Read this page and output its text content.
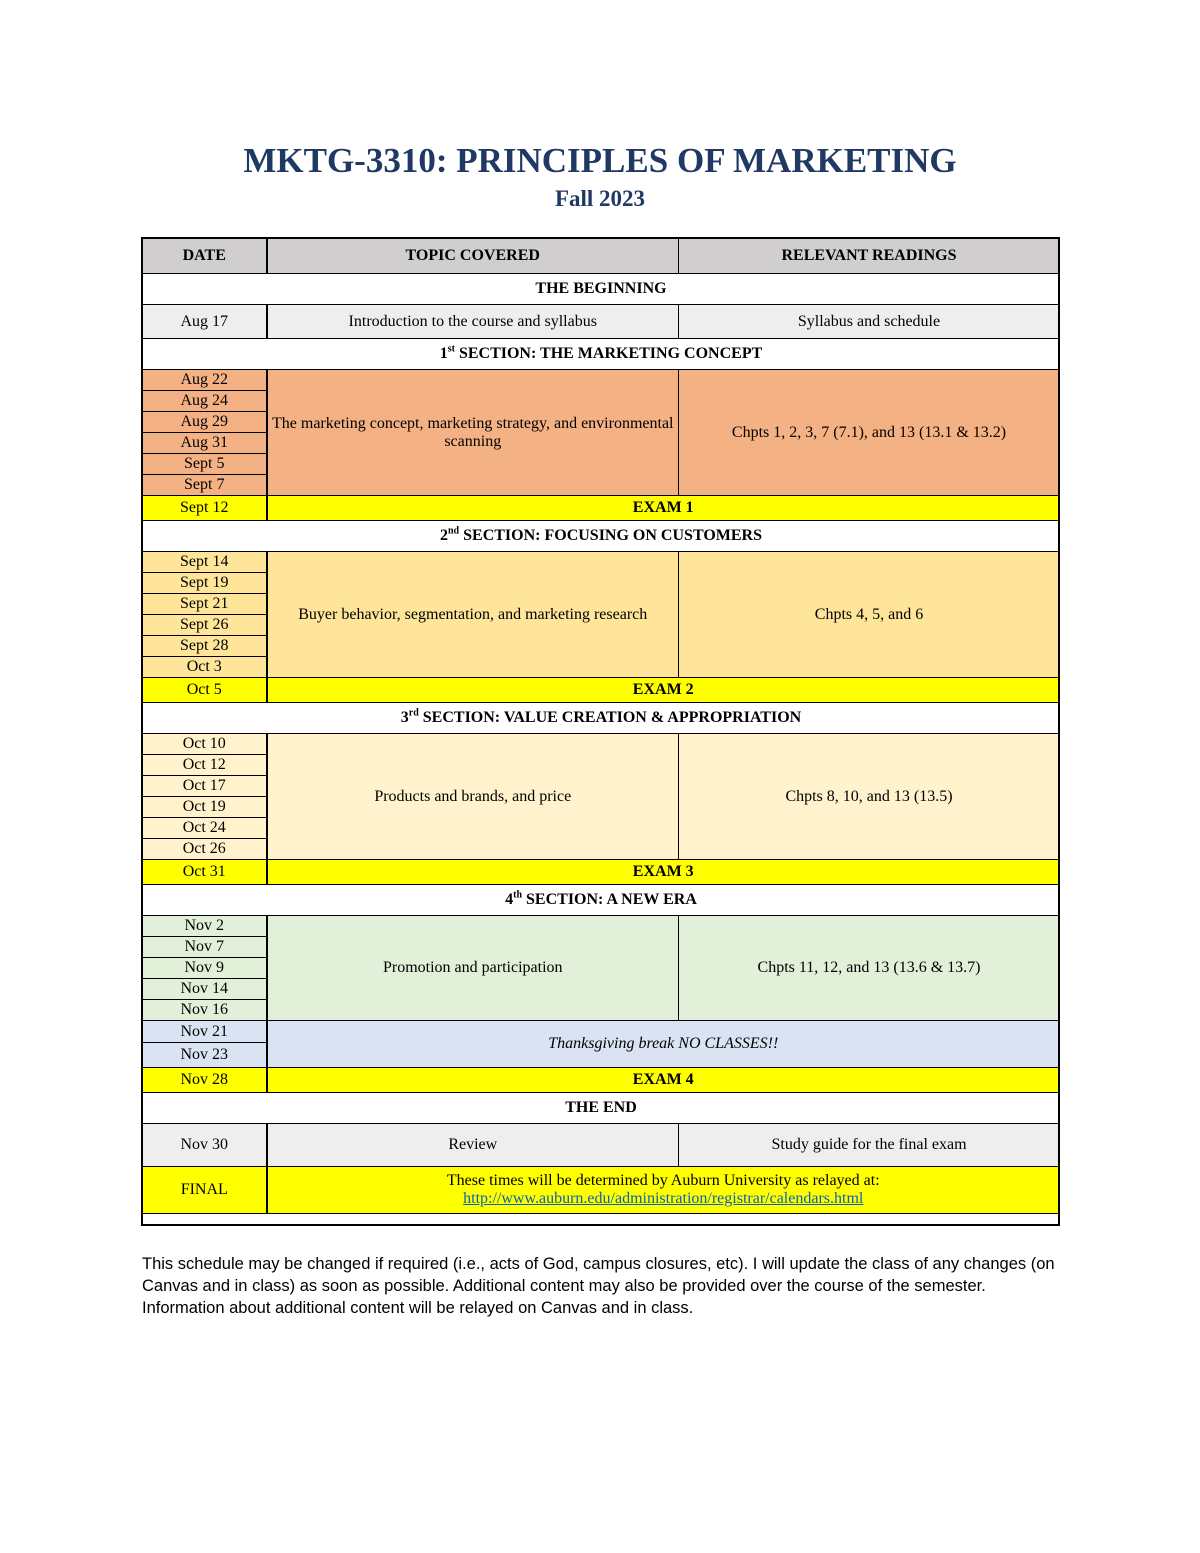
MKTG-3310: PRINCIPLES OF MARKETING
Fall 2023
DATE	TOPIC COVERED	RELEVANT READINGS
THE BEGINNING		
Aug 17	Introduction to the course and syllabus	Syllabus and schedule
1st SECTION: THE MARKETING CONCEPT		
Aug 22	The marketing concept, marketing strategy, and environmental scanning	Chpts 1, 2, 3, 7 (7.1), and 13 (13.1 & 13.2)
Aug 24		
Aug 29		
Aug 31		
Sept 5		
Sept 7		
Sept 12	EXAM 1	
2nd SECTION: FOCUSING ON CUSTOMERS		
Sept 14	Buyer behavior, segmentation, and marketing research	Chpts 4, 5, and 6
Sept 19		
Sept 21		
Sept 26		
Sept 28		
Oct 3		
Oct 5	EXAM 2	
3rd SECTION: VALUE CREATION & APPROPRIATION		
Oct 10	Products and brands, and price	Chpts 8, 10, and 13 (13.5)
Oct 12		
Oct 17		
Oct 19		
Oct 24		
Oct 26		
Oct 31	EXAM 3	
4th SECTION: A NEW ERA		
Nov 2	Promotion and participation	Chpts 11, 12, and 13 (13.6 & 13.7)
Nov 7		
Nov 9		
Nov 14		
Nov 16		
Nov 21	Thanksgiving break NO CLASSES!!	
Nov 23		
Nov 28	EXAM 4	
THE END		
Nov 30	Review	Study guide for the final exam
FINAL	These times will be determined by Auburn University as relayed at:
http://www.auburn.edu/administration/registrar/calendars.html	
This schedule may be changed if required (i.e., acts of God, campus closures, etc). I will update the class of any changes (on Canvas and in class) as soon as possible. Additional content may also be provided over the course of the semester. Information about additional content will be relayed on Canvas and in class.
